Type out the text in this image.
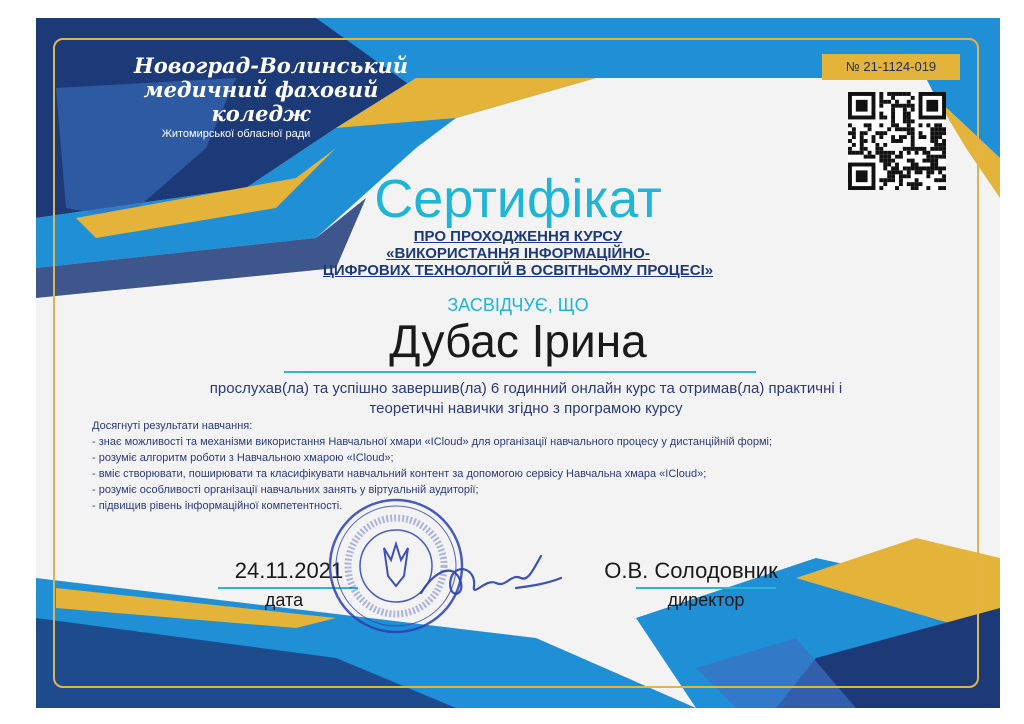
Новоград-Волинський
медичний фаховий коледж
Житомирської обласної ради
№ 21-1124-019
Сертифікат
ПРО ПРОХОДЖЕННЯ КУРСУ
«ВИКОРИСТАННЯ ІНФОРМАЦІЙНО-
ЦИФРОВИХ ТЕХНОЛОГІЙ В ОСВІТНЬОМУ ПРОЦЕСІ»
ЗАСВІДЧУЄ, ЩО
Дубас Ірина
прослухав(ла) та успішно завершив(ла) 6 годинний онлайн курс та отримав(ла) практичні і
теоретичні навички згідно з програмою курсу
Досягнуті результати навчання:
- знає можливості та механізми використання Навчальної хмари «ICloud» для організації навчального процесу у дистанційній формі;
- розуміє алгоритм роботи з Навчальною хмарою «ICloud»;
- вміє створювати, поширювати та класифікувати навчальний контент за допомогою сервісу Навчальна хмара «ICloud»;
- розуміє особливості організації навчальних занять у віртуальній аудиторії;
- підвищив рівень інформаційної компетентності.
24.11.2021
дата
О.В. Солодовник
директор
